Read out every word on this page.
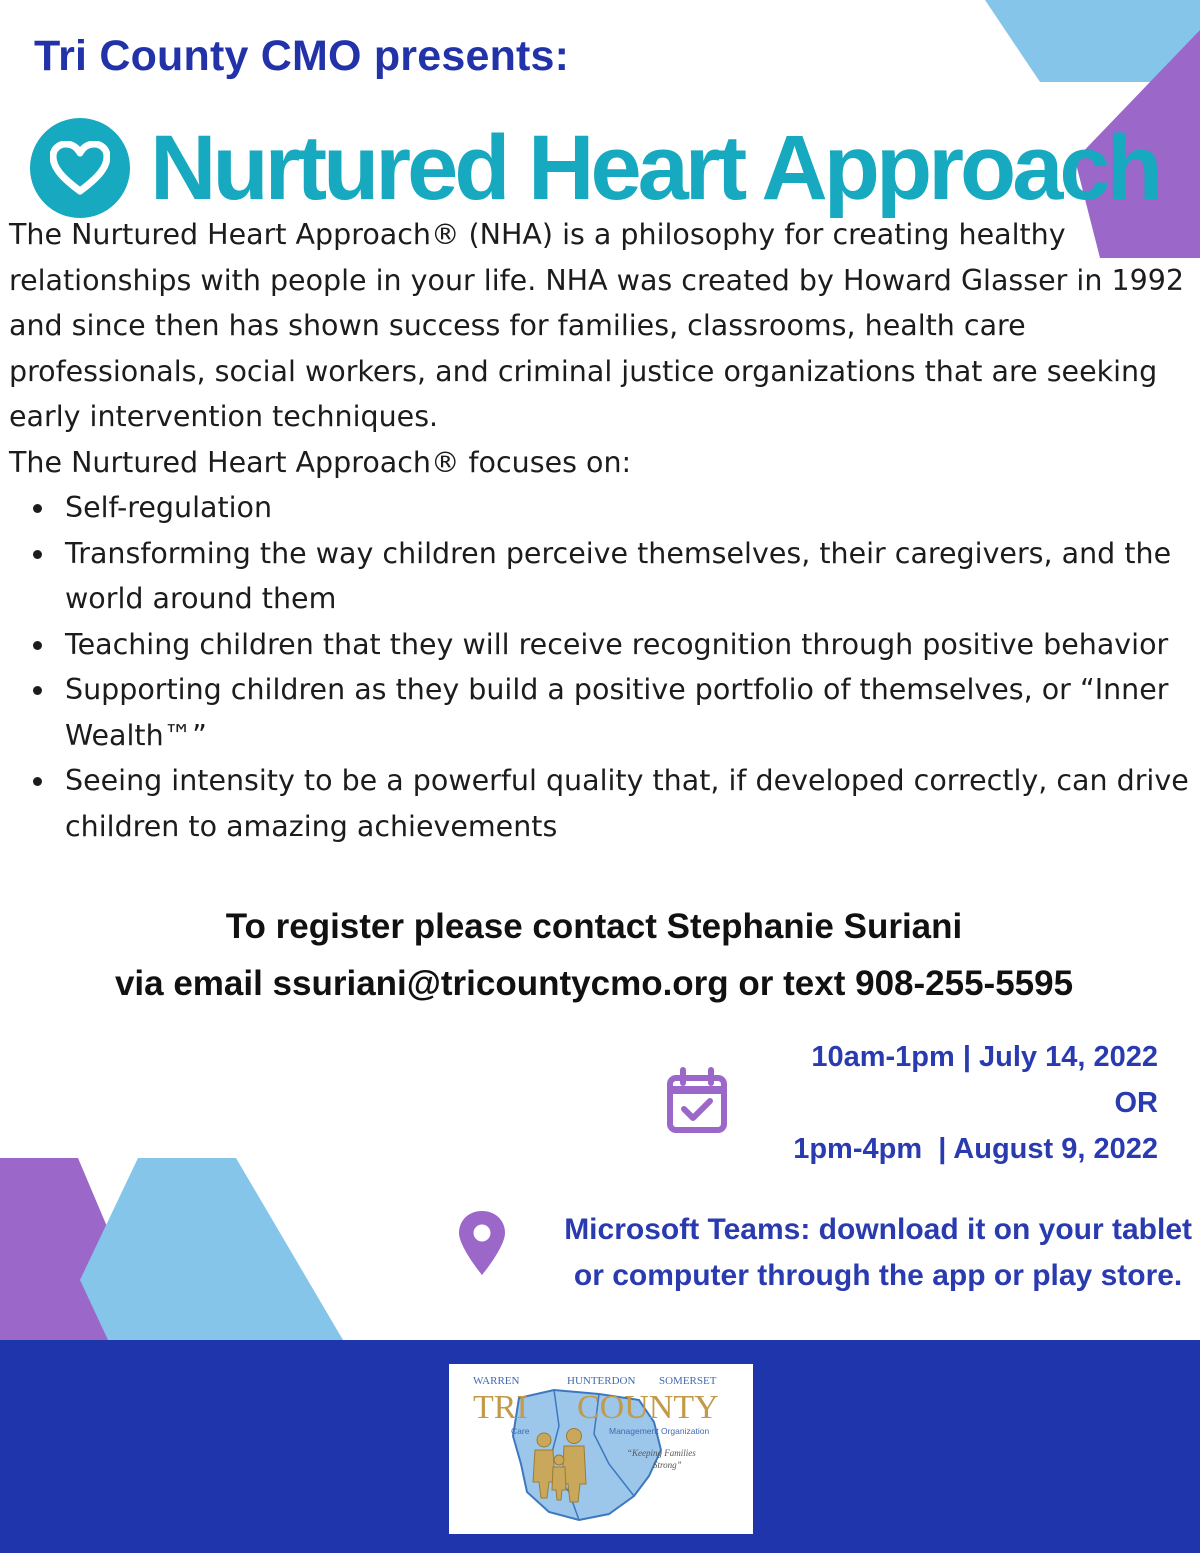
Tri County CMO presents:
Nurtured Heart Approach

The Nurtured Heart Approach® (NHA) is a philosophy for creating healthy relationships with people in your life. NHA was created by Howard Glasser in 1992 and since then has shown success for families, classrooms, health care professionals, social workers, and criminal justice organizations that are seeking early intervention techniques.

The Nurtured Heart Approach® focuses on:

Self-regulation
Transforming the way children perceive themselves, their caregivers, and the world around them
Teaching children that they will receive recognition through positive behavior
Supporting children as they build a positive portfolio of themselves, or “Inner Wealth™”
Seeing intensity to be a powerful quality that, if developed correctly, can drive children to amazing achievements
To register please contact Stephanie Suriani
via email ssuriani@tricountycmo.org or text 908-255-5595
10am-1pm | July 14, 2022
OR
1pm-4pm  | August 9, 2022
Microsoft Teams: download it on your tablet
or computer through the app or play store.
WARREN	HUNTERDON SOMERSET
TRI COUNTY
Care	Management Organization
“Keeping Families
Strong”
